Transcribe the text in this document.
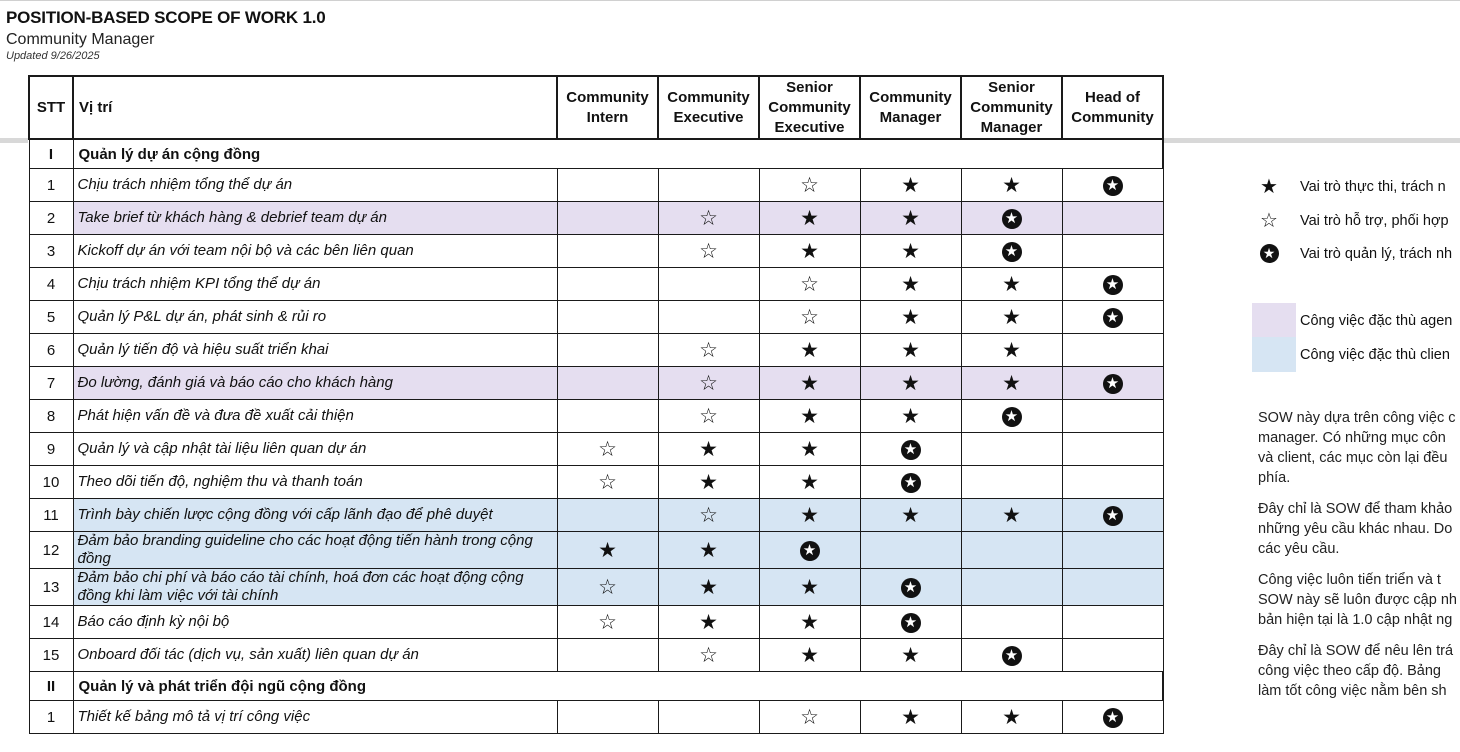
POSITION-BASED SCOPE OF WORK 1.0
Community Manager
Updated 9/26/2025
STT	Vị trí	Community Intern	Community Executive	Senior Community Executive	Community Manager	Senior Community Manager	Head of Community
I	Quản lý dự án cộng đồng						
1	Chịu trách nhiệm tổng thể dự án			☆	★	★	★
2	Take brief từ khách hàng & debrief team dự án		☆	★	★	★	
3	Kickoff dự án với team nội bộ và các bên liên quan		☆	★	★	★	
4	Chịu trách nhiệm KPI tổng thể dự án			☆	★	★	★
5	Quản lý P&L dự án, phát sinh & rủi ro			☆	★	★	★
6	Quản lý tiến độ và hiệu suất triển khai		☆	★	★	★	
7	Đo lường, đánh giá và báo cáo cho khách hàng		☆	★	★	★	★
8	Phát hiện vấn đề và đưa đề xuất cải thiện		☆	★	★	★	
9	Quản lý và cập nhật tài liệu liên quan dự án	☆	★	★	★		
10	Theo dõi tiến độ, nghiệm thu và thanh toán	☆	★	★	★		
11	Trình bày chiến lược cộng đồng với cấp lãnh đạo để phê duyệt		☆	★	★	★	★
12	Đảm bảo branding guideline cho các hoạt động tiến hành trong cộng đồng	★	★	★			
13	Đảm bảo chi phí và báo cáo tài chính, hoá đơn các hoạt động cộng đồng khi làm việc với tài chính	☆	★	★	★		
14	Báo cáo định kỳ nội bộ	☆	★	★	★		
15	Onboard đối tác (dịch vụ, sản xuất) liên quan dự án		☆	★	★	★	
II	Quản lý và phát triển đội ngũ cộng đồng						
1	Thiết kế bảng mô tả vị trí công việc			☆	★	★	★
★ Vai trò thực thi, trách n
☆ Vai trò hỗ trợ, phối hợp
★ Vai trò quản lý, trách nh
Công việc đặc thù agen
Công việc đặc thù clien

SOW này dựa trên công việc c
manager. Có những mục côn
và client, các mục còn lại đều
phía.

Đây chỉ là SOW để tham khảo
những yêu cầu khác nhau. Do
các yêu cầu.

Công việc luôn tiến triển và t
SOW này sẽ luôn được cập nh
bản hiện tại là 1.0 cập nhật ng

Đây chỉ là SOW để nêu lên trá
công việc theo cấp độ. Bảng
làm tốt công việc nằm bên sh
